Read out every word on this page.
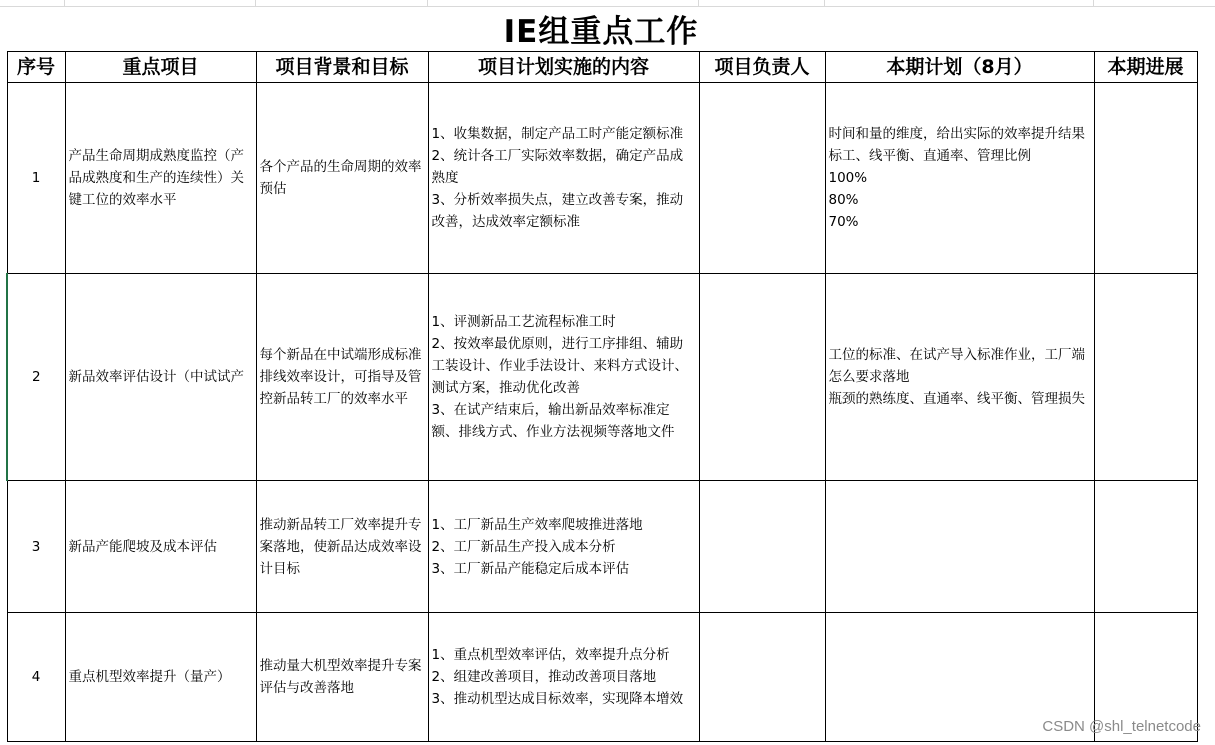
IE组重点工作
序号	重点项目	项目背景和目标	项目计划实施的内容	项目负责人	本期计划（8月）	本期进展
1	产品生命周期成熟度监控（产品成熟度和生产的连续性）关键工位的效率水平	各个产品的生命周期的效率预估	1、收集数据，制定产品工时产能定额标准
2、统计各工厂实际效率数据，确定产品成熟度
3、分析效率损失点，建立改善专案，推动改善，达成效率定额标准		时间和量的维度，给出实际的效率提升结果
标工、线平衡、直通率、管理比例
100%
80%
70%	
2	新品效率评估设计（中试试产	每个新品在中试端形成标准排线效率设计，可指导及管控新品转工厂的效率水平	1、评测新品工艺流程标准工时
2、按效率最优原则，进行工序排组、辅助工装设计、作业手法设计、来料方式设计、测试方案，推动优化改善
3、在试产结束后，输出新品效率标准定额、排线方式、作业方法视频等落地文件		工位的标准、在试产导入标准作业，工厂端怎么要求落地
瓶颈的熟练度、直通率、线平衡、管理损失	
3	新品产能爬坡及成本评估	推动新品转工厂效率提升专案落地，使新品达成效率设计目标	1、工厂新品生产效率爬坡推进落地
2、工厂新品生产投入成本分析
3、工厂新品产能稳定后成本评估			
4	重点机型效率提升（量产）	推动量大机型效率提升专案评估与改善落地	1、重点机型效率评估，效率提升点分析
2、组建改善项目，推动改善项目落地
3、推动机型达成目标效率，实现降本增效			
CSDN @shl_telnetcode
